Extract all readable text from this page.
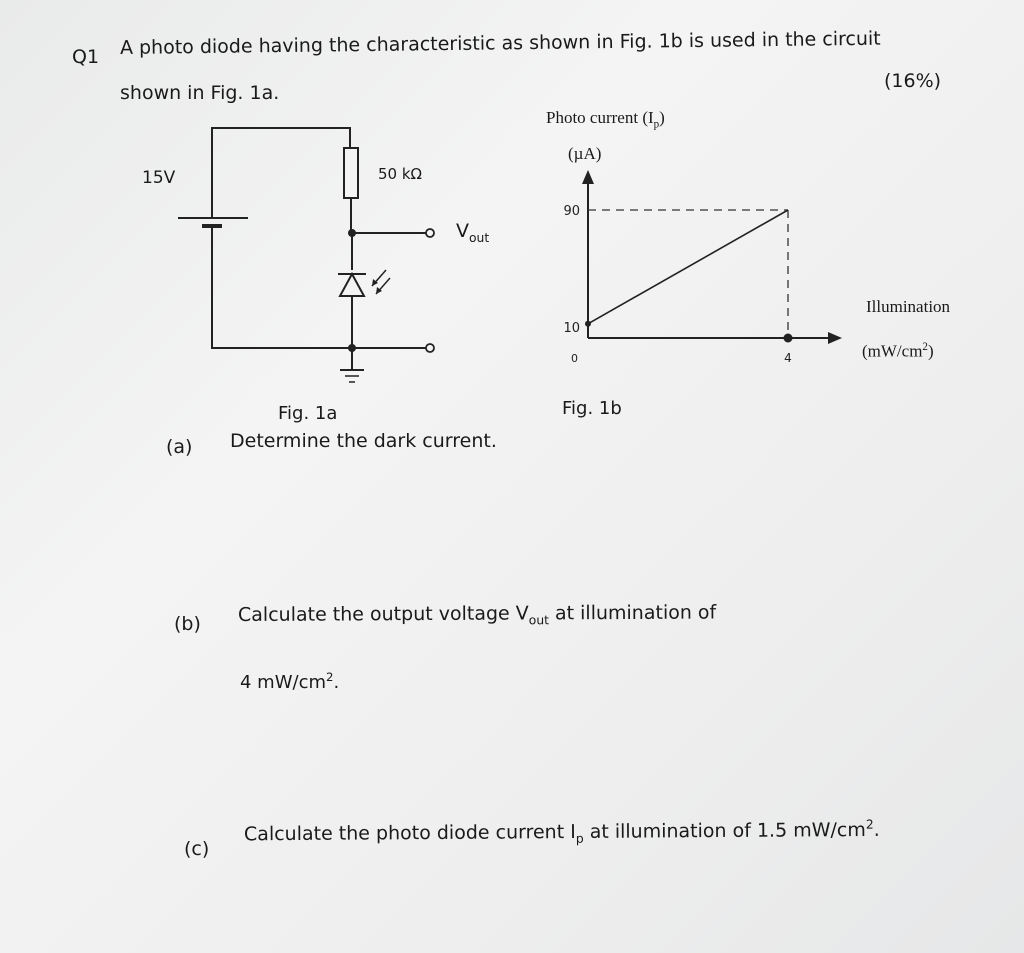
Q1 A photo diode having the characteristic as shown in Fig. 1b is used in the circuit
shown in Fig. 1a.
(16%)
15V	50 kΩ
$V_{out}$
Fig. 1a
Photo current $(I_p)$
(µA)
90
10
0	4
Illumination
$(mW/cm^2)$
Fig. 1b
(a) Determine the dark current.
(b) Calculate the output voltage $V_{out}$ at illumination of
4 $mW/cm^2$.
(c)
Calculate the photo diode current $I_p$ at illumination of 1.5 $mW/cm^2$.
